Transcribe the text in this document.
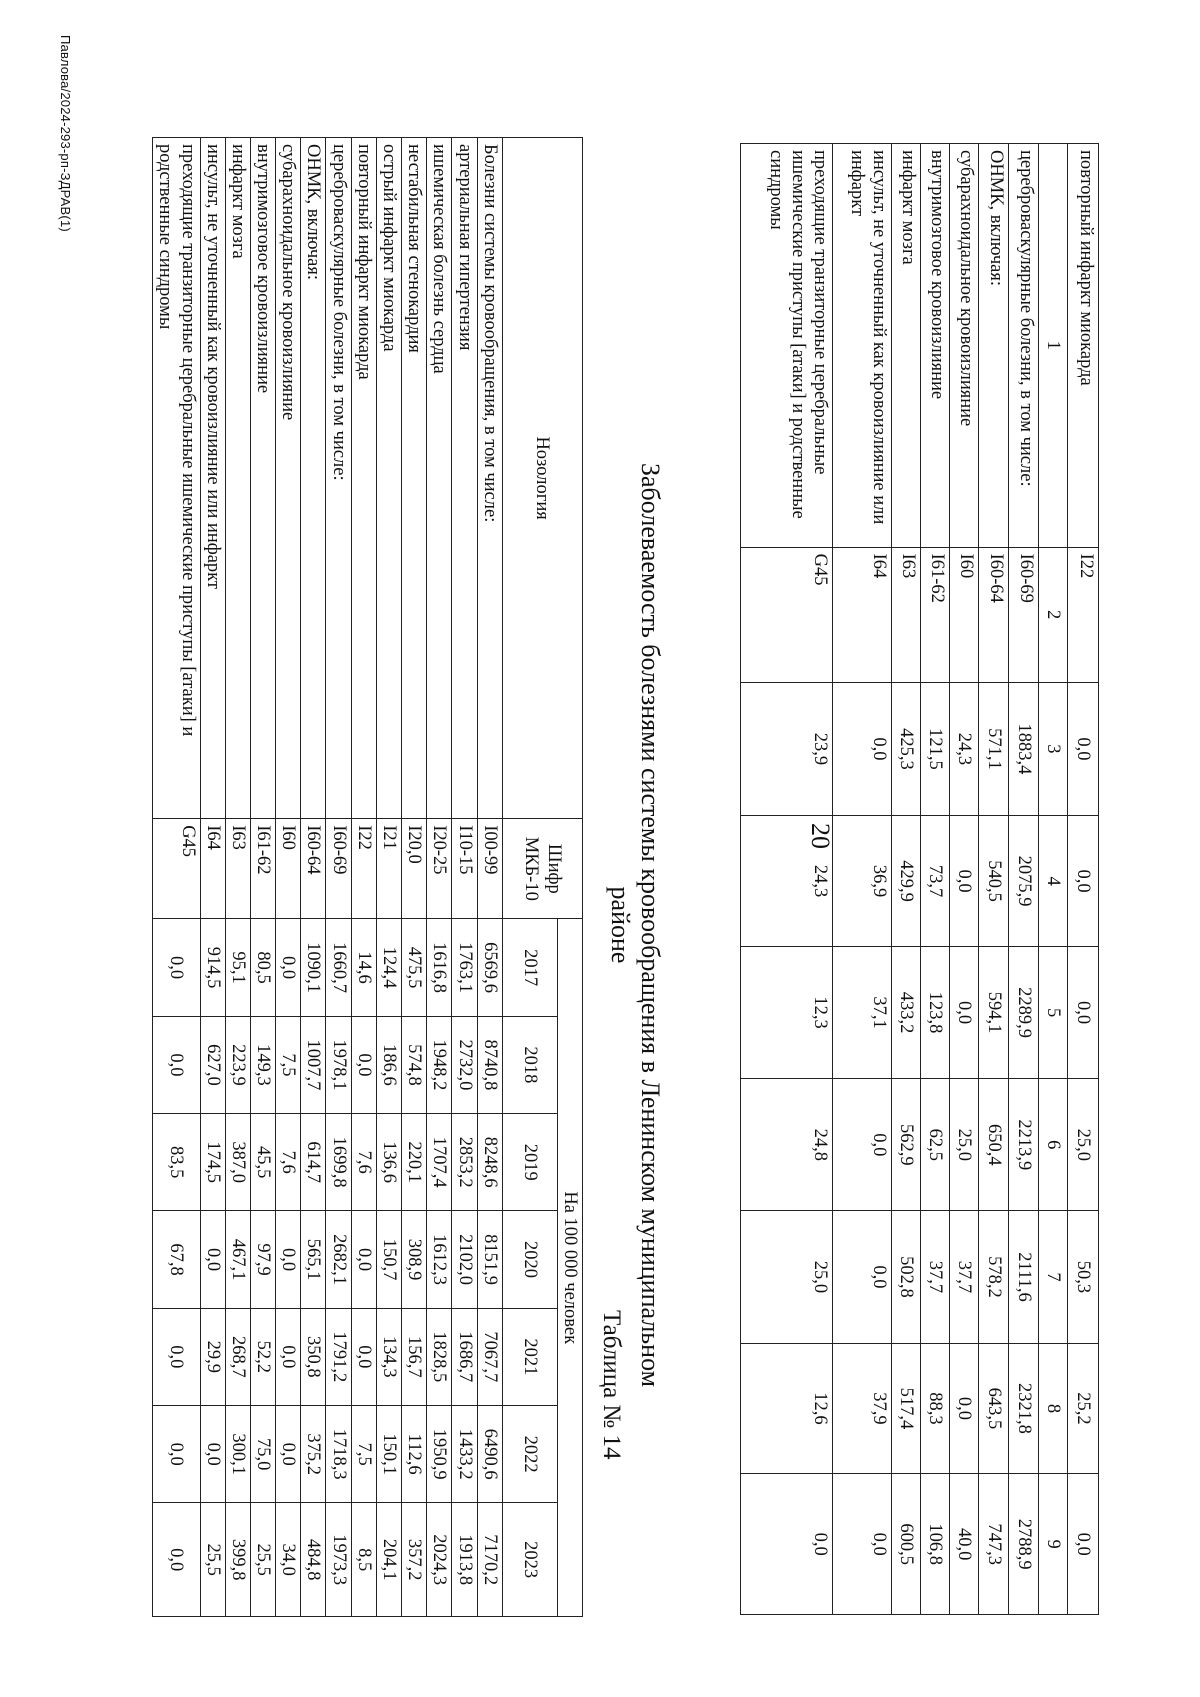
20
повторный инфаркт миокарда	I22	0,0	0,0	0,0	25,0	50,3	25,2	0,0
1	2	3	4	5	6	7	8	9
цереброваскулярные болезни, в том числе:	I60-69	1883,4	2075,9	2289,9	2213,9	2111,6	2321,8	2788,9
ОНМК, включая:	I60-64	571,1	540,5	594,1	650,4	578,2	643,5	747,3
субарахноидальное кровоизлияние	I60	24,3	0,0	0,0	25,0	37,7	0,0	40,0
внутримозговое кровоизлияние	I61-62	121,5	73,7	123,8	62,5	37,7	88,3	106,8
инфаркт мозга	I63	425,3	429,9	433,2	562,9	502,8	517,4	600,5
инсульт, не уточненный как кровоизлияние или инфаркт	I64	0,0	36,9	37,1	0,0	0,0	37,9	0,0
преходящие транзиторные церебральные ишемические приступы [атаки] и родственные синдромы	G45	23,9	24,3	12,3	24,8	25,0	12,6	0,0
Заболеваемость болезнями системы кровообращения в Ленинском муниципальном районе
Таблица № 14
Нозология	Шифр МКБ-10	На 100 000 человек						
		2017	2018	2019	2020	2021	2022	2023
Болезни системы кровообращения, в том числе:	I00-99	6569,6	8740,8	8248,6	8151,9	7067,7	6490,6	7170,2
артериальная гипертензия	I10-15	1763,1	2732,0	2853,2	2102,0	1686,7	1433,2	1913,8
ишемическая болезнь сердца	I20-25	1616,8	1948,2	1707,4	1612,3	1828,5	1950,9	2024,3
нестабильная стенокардия	I20,0	475,5	574,8	220,1	308,9	156,7	112,6	357,2
острый инфаркт миокарда	I21	124,4	186,6	136,6	150,7	134,3	150,1	204,1
повторный инфаркт миокарда	I22	14,6	0,0	7,6	0,0	0,0	7,5	8,5
цереброваскулярные болезни, в том числе:	I60-69	1660,7	1978,1	1699,8	2682,1	1791,2	1718,3	1973,3
ОНМК, включая:	I60-64	1090,1	1007,7	614,7	565,1	350,8	375,2	484,8
субарахноидальное кровоизлияние	I60	0,0	7,5	7,6	0,0	0,0	0,0	34,0
внутримозговое кровоизлияние	I61-62	80,5	149,3	45,5	97,9	52,2	75,0	25,5
инфаркт мозга	I63	95,1	223,9	387,0	467,1	268,7	300,1	399,8
инсульт, не уточненный как кровоизлияние или инфаркт	I64	914,5	627,0	174,5	0,0	29,9	0,0	25,5
преходящие транзиторные церебральные ишемические приступы [атаки] и родственные синдромы	G45	0,0	0,0	83,5	67,8	0,0	0,0	0,0
Павлова/2024-293-рп-ЗДРАВ(1)
